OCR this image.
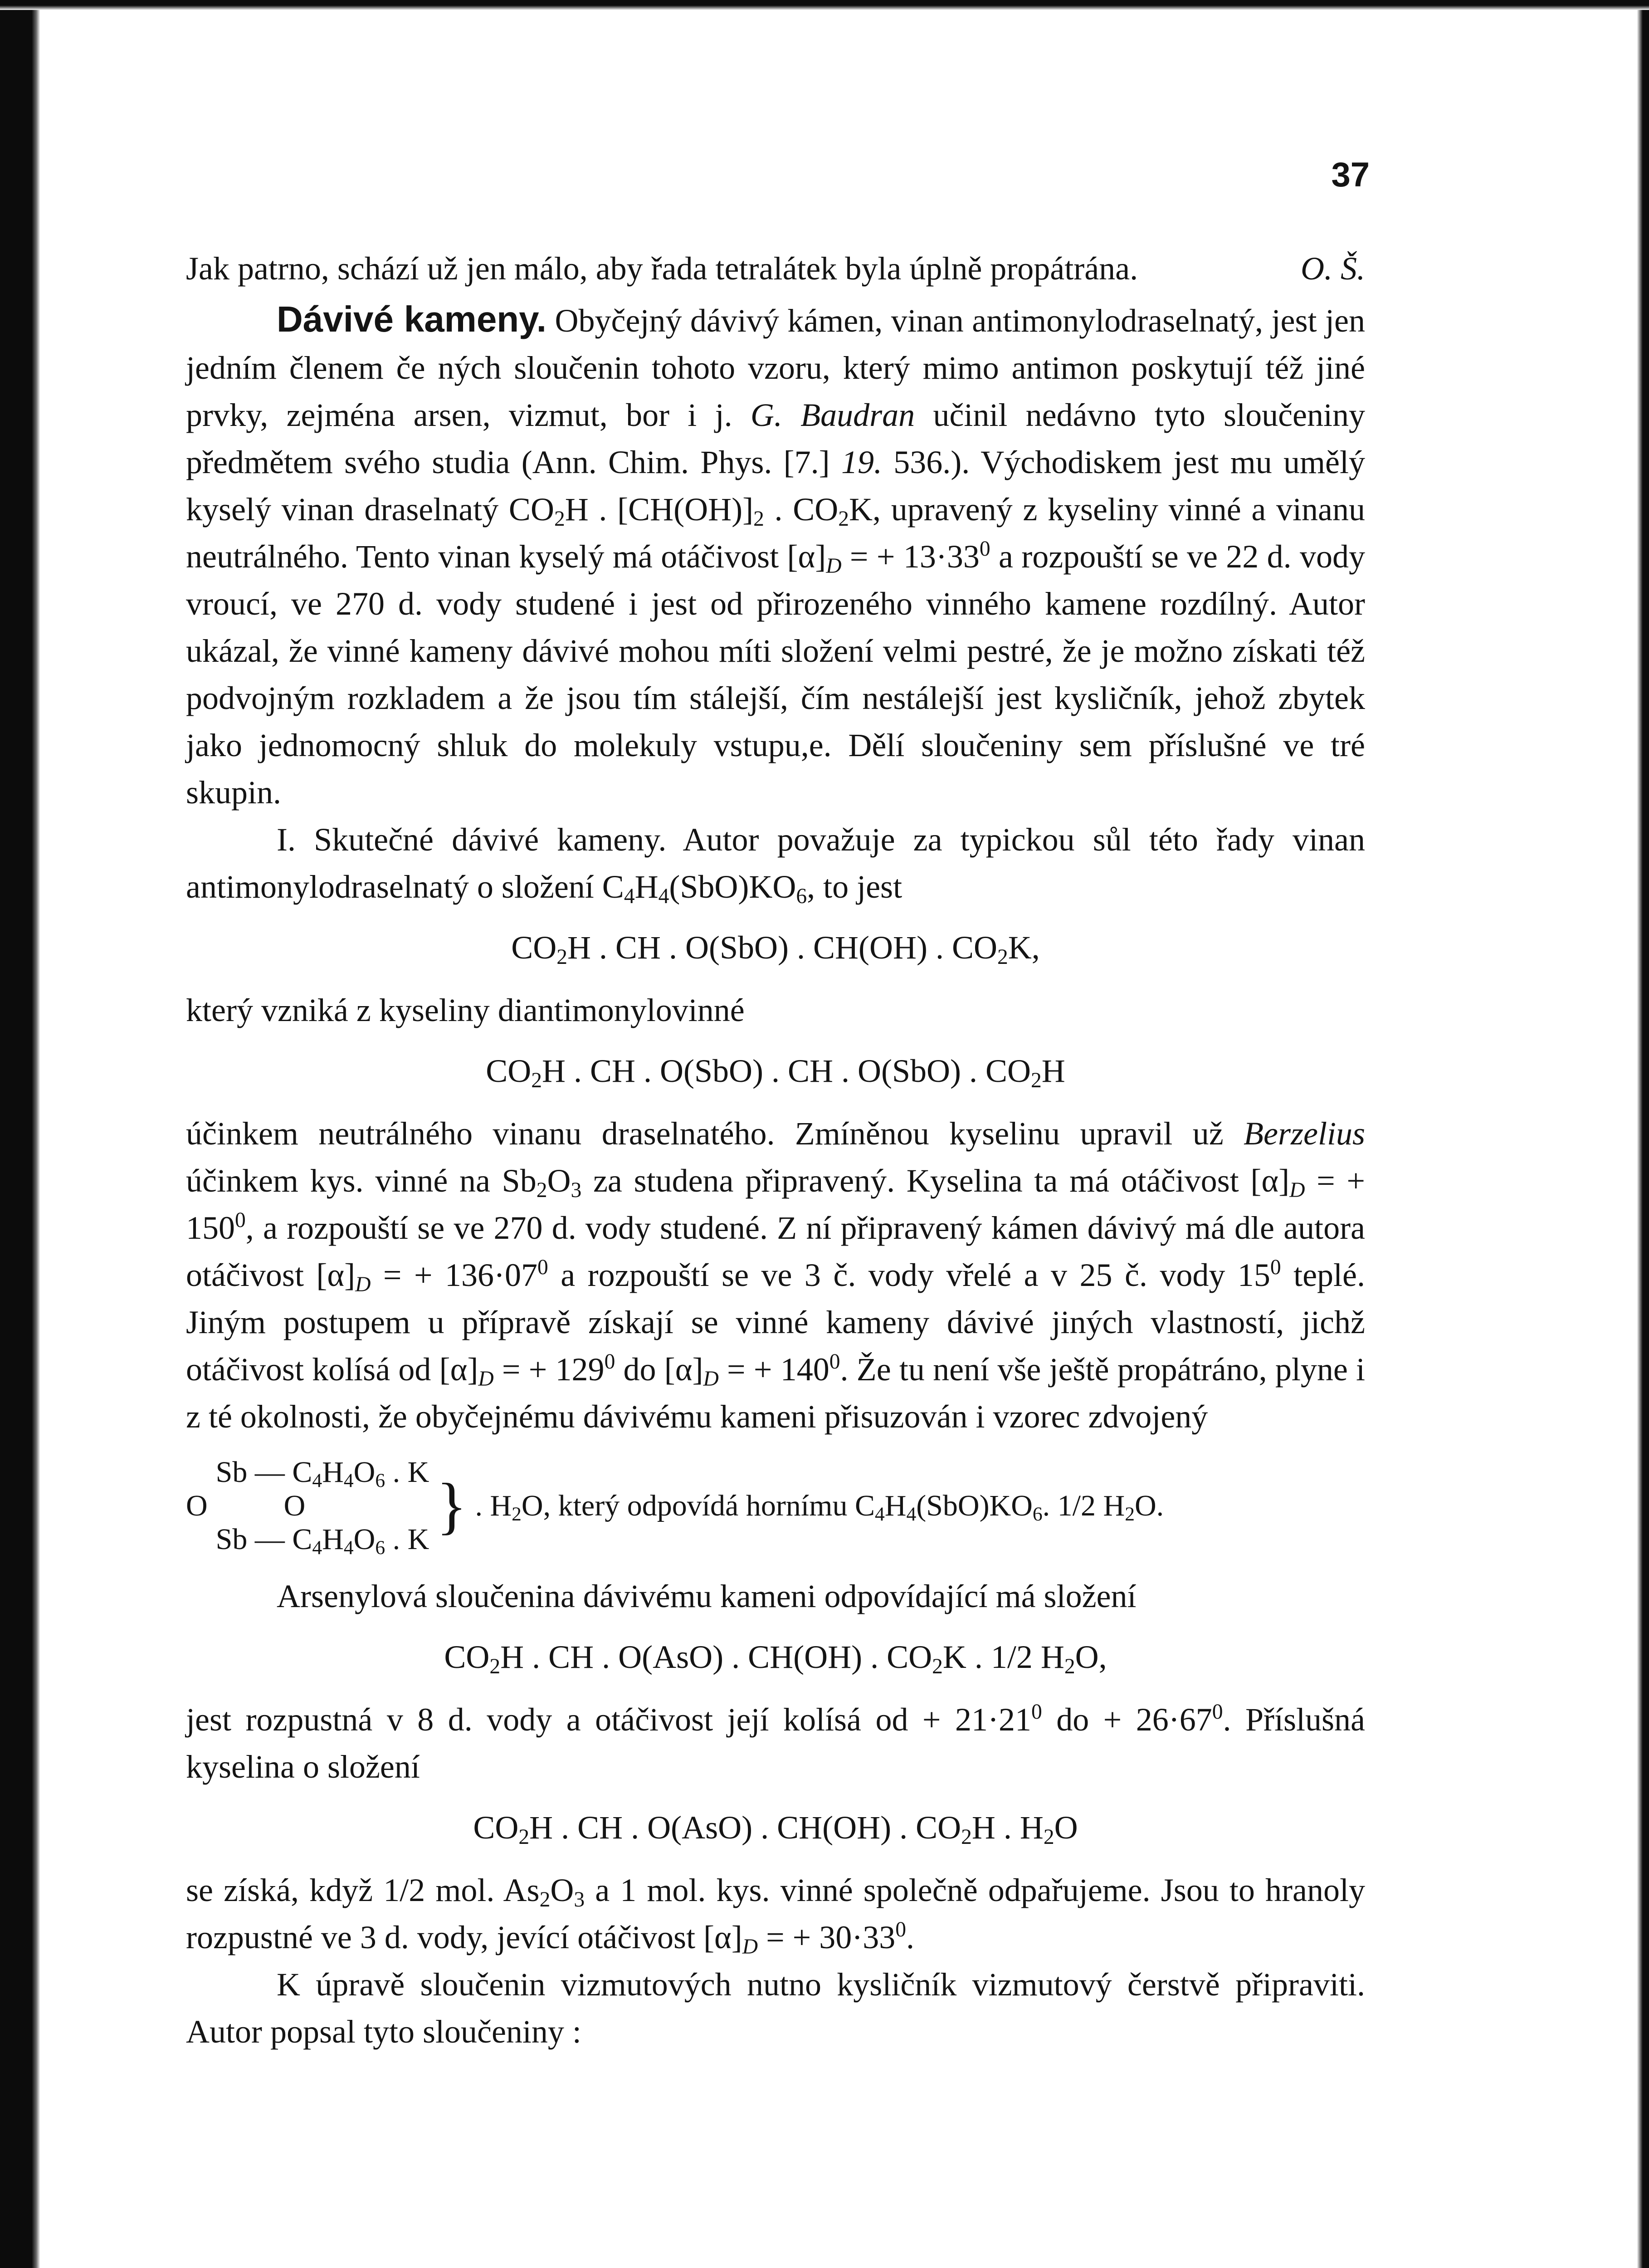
37

Jak patrno, schází už jen málo, aby řada tetralátek byla úplně propátrána.	O. Š.

Dávivé kameny. Obyčejný dávivý kámen, vinan antimonylodraselnatý, jest jen jedním členem če ných sloučenin tohoto vzoru, který mimo antimon poskytují též jiné prvky, zejména arsen, vizmut, bor i j. G. Baudran učinil nedávno tyto sloučeniny předmětem svého studia (Ann. Chim. Phys. [7.] 19. 536.). Východiskem jest mu umělý kyselý vinan draselnatý $CO_2H$ . $[CH(OH)]_2$ . $CO_2K$, upravený z kyseliny vinné a vinanu neutrálného. Tento vinan kyselý má otáčivost $[\alpha]_D$ = + $13\cdot 33^0$ a rozpouští se ve 22 d. vody vroucí, ve 270 d. vody studené i jest od přirozeného vinného kamene rozdílný. Autor ukázal, že vinné kameny dávivé mohou míti složení velmi pestré, že je možno získati též podvojným rozkladem a že jsou tím stálejší, čím nestálejší jest kysličník, jehož zbytek jako jednomocný shluk do molekuly vstupu,e. Dělí sloučeniny sem příslušné ve tré skupin.

I. Skutečné dávivé kameny. Autor považuje za typickou sůl této řady vinan antimonylodraselnatý o složení $C_4H_4(SbO)KO_6$, to jest

$CO_2H$ . CH . O(SbO) . CH(OH) . $CO_2K$,

který vzniká z kyseliny diantimonylovinné

$CO_2H$ . CH . O(SbO) . CH . O(SbO) . $CO_2H$

účinkem neutrálného vinanu draselnatého. Zmíněnou kyselinu upravil už Berzelius účinkem kys. vinné na $Sb_2O_3$ za studena připravený. Kyselina ta má otáčivost $[\alpha]_D$ = + $150^0$, a rozpouští se ve 270 d. vody studené. Z ní připravený kámen dávivý má dle autora otáčivost $[\alpha]_D$ = + $136\cdot 07^0$ a rozpouští se ve 3 č. vody vřelé a v 25 č. vody $15^0$ teplé. Jiným postupem u přípravě získají se vinné kameny dávivé jiných vlastností, jichž otáčivost kolísá od $[\alpha]_D$ = + $129^0$ do $[\alpha]_D$ = + $140^0$. Že tu není vše ještě propátráno, plyne i z té okolnosti, že obyčejnému dávivému kameni přisuzován i vzorec zdvojený

O
Sb — $C_4H_4O_6$ . K
O
Sb — $C_4H_4O_6$ . K } . $H_2O$, který odpovídá hornímu $C_4H_4(SbO)KO_6$. 1/2 $H_2O$.

Arsenylová sloučenina dávivému kameni odpovídající má složení

$CO_2H$ . CH . O(AsO) . CH(OH) . $CO_2K$ . 1/2 $H_2O$,

jest rozpustná v 8 d. vody a otáčivost její kolísá od + $21\cdot 21^0$ do + $26\cdot 67^0$. Příslušná kyselina o složení

$CO_2H$ . CH . O(AsO) . CH(OH) . $CO_2H$ . $H_2O$

se získá, když 1/2 mol. $As_2O_3$ a 1 mol. kys. vinné společně odpařujeme. Jsou to hranoly rozpustné ve 3 d. vody, jevící otáčivost $[\alpha]_D$ = + $30\cdot 33^0$.

K úpravě sloučenin vizmutových nutno kysličník vizmutový čerstvě připraviti. Autor popsal tyto sloučeniny :
